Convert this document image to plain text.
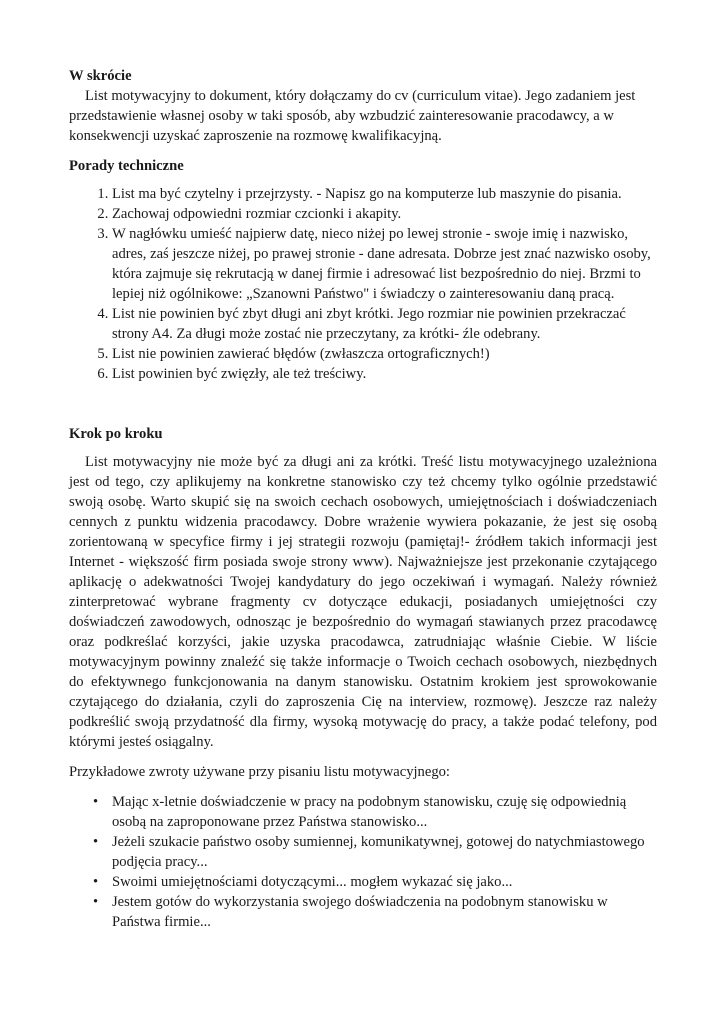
W skrócie

List motywacyjny to dokument, który dołączamy do cv (curriculum vitae). Jego zadaniem jest przedstawienie własnej osoby w taki sposób, aby wzbudzić zainteresowanie pracodawcy, a w konsekwencji uzyskać zaproszenie na rozmowę kwalifikacyjną.

Porady techniczne
1. List ma być czytelny i przejrzysty. - Napisz go na komputerze lub maszynie do pisania.
2. Zachowaj odpowiedni rozmiar czcionki i akapity.
3. W nagłówku umieść najpierw datę, nieco niżej po lewej stronie - swoje imię i nazwisko, adres, zaś jeszcze niżej, po prawej stronie - dane adresata. Dobrze jest znać nazwisko osoby, która zajmuje się rekrutacją w danej firmie i adresować list bezpośrednio do niej. Brzmi to lepiej niż ogólnikowe: „Szanowni Państwo" i świadczy o zainteresowaniu daną pracą.
4. List nie powinien być zbyt długi ani zbyt krótki. Jego rozmiar nie powinien przekraczać strony A4. Za długi może zostać nie przeczytany, za krótki- źle odebrany.
5. List nie powinien zawierać błędów (zwłaszcza ortograficznych!)
6. List powinien być zwięzły, ale też treściwy.
Krok po kroku

List motywacyjny nie może być za długi ani za krótki. Treść listu motywacyjnego uzależniona jest od tego, czy aplikujemy na konkretne stanowisko czy też chcemy tylko ogólnie przedstawić swoją osobę. Warto skupić się na swoich cechach osobowych, umiejętnościach i doświadczeniach cennych z punktu widzenia pracodawcy. Dobre wrażenie wywiera pokazanie, że jest się osobą zorientowaną w specyfice firmy i jej strategii rozwoju (pamiętaj!- źródłem takich informacji jest Internet - większość firm posiada swoje strony www). Najważniejsze jest przekonanie czytającego aplikację o adekwatności Twojej kandydatury do jego oczekiwań i wymagań. Należy również zinterpretować wybrane fragmenty cv dotyczące edukacji, posiadanych umiejętności czy doświadczeń zawodowych, odnosząc je bezpośrednio do wymagań stawianych przez pracodawcę oraz podkreślać korzyści, jakie uzyska pracodawca, zatrudniając właśnie Ciebie. W liście motywacyjnym powinny znaleźć się także informacje o Twoich cechach osobowych, niezbędnych do efektywnego funkcjonowania na danym stanowisku. Ostatnim krokiem jest sprowokowanie czytającego do działania, czyli do zaproszenia Cię na interview, rozmowę). Jeszcze raz należy podkreślić swoją przydatność dla firmy, wysoką motywację do pracy, a także podać telefony, pod którymi jesteś osiągalny.

Przykładowe zwroty używane przy pisaniu listu motywacyjnego:

• Mając x-letnie doświadczenie w pracy na podobnym stanowisku, czuję się odpowiednią osobą na zaproponowane przez Państwa stanowisko...
• Jeżeli szukacie państwo osoby sumiennej, komunikatywnej, gotowej do natychmiastowego podjęcia pracy...
• Swoimi umiejętnościami dotyczącymi... mogłem wykazać się jako...
• Jestem gotów do wykorzystania swojego doświadczenia na podobnym stanowisku w Państwa firmie...
